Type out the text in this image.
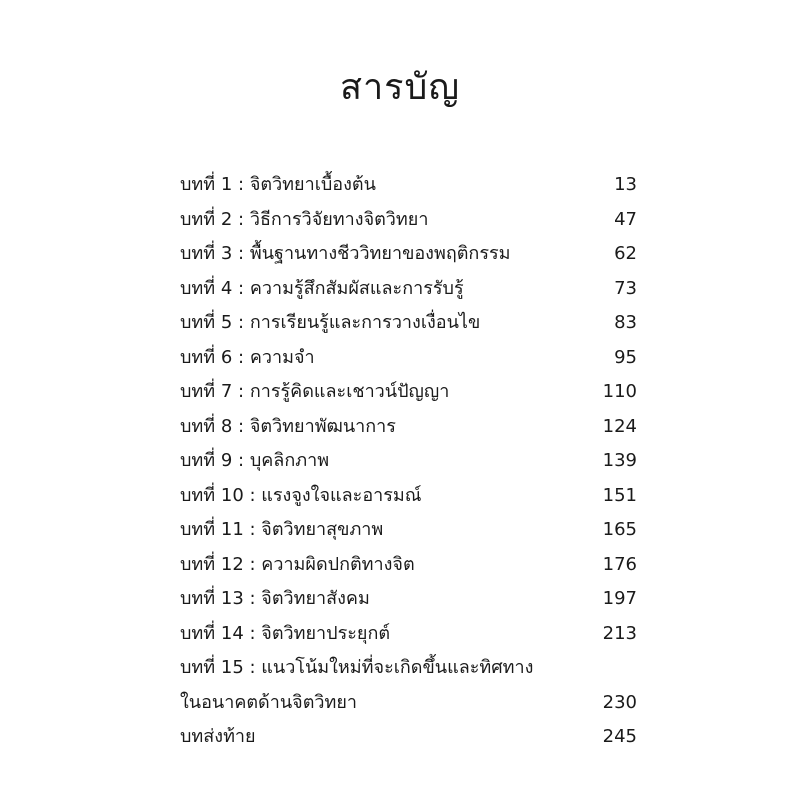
สารบัญ
บทที่ 1 : จิตวิทยาเบื้องต้น	13
บทที่ 2 : วิธีการวิจัยทางจิตวิทยา	47
บทที่ 3 : พื้นฐานทางชีววิทยาของพฤติกรรม	62
บทที่ 4 : ความรู้สึกสัมผัสและการรับรู้	73
บทที่ 5 : การเรียนรู้และการวางเงื่อนไข	83
บทที่ 6 : ความจำ	95
บทที่ 7 : การรู้คิดและเชาวน์ปัญญา	110
บทที่ 8 : จิตวิทยาพัฒนาการ	124
บทที่ 9 : บุคลิกภาพ	139
บทที่ 10 : แรงจูงใจและอารมณ์	151
บทที่ 11 : จิตวิทยาสุขภาพ	165
บทที่ 12 : ความผิดปกติทางจิต	176
บทที่ 13 : จิตวิทยาสังคม	197
บทที่ 14 : จิตวิทยาประยุกต์	213
บทที่ 15 : แนวโน้มใหม่ที่จะเกิดขึ้นและทิศทาง
ในอนาคตด้านจิตวิทยา	230
บทส่งท้าย	245
